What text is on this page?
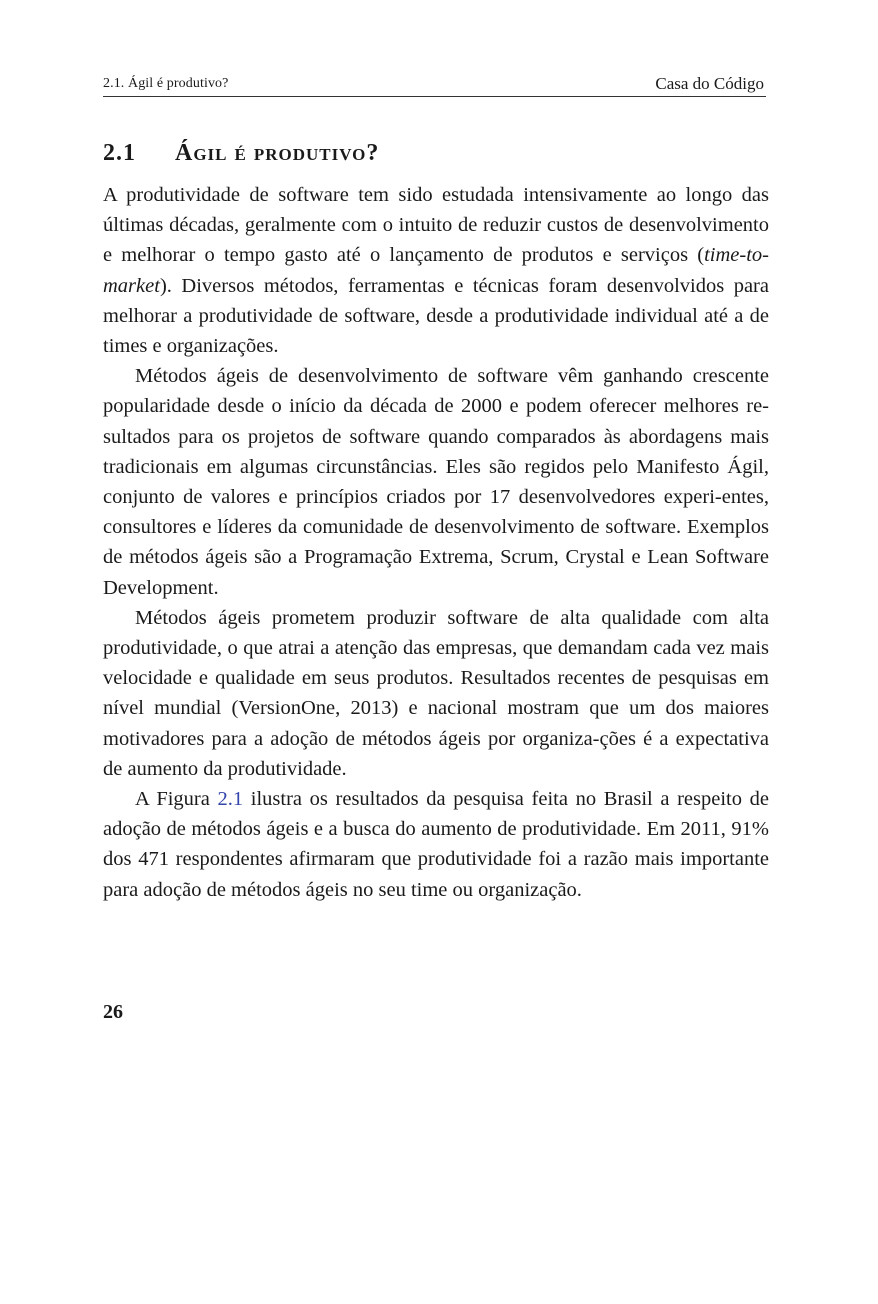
2.1. Ágil é produtivo?	Casa do Código
2.1 Ágil é produtivo?

A produtividade de software tem sido estudada intensivamente ao longo das últimas décadas, geralmente com o intuito de reduzir custos de desenvolvimento e melhorar o tempo gasto até o lançamento de produtos e serviços (time-to-market). Diversos métodos, ferramentas e técnicas foram desenvolvidos para melhorar a produtividade de software, desde a produtividade individual até a de times e organizações.

Métodos ágeis de desenvolvimento de software vêm ganhando crescente popularidade desde o início da década de 2000 e podem oferecer melhores resultados para os projetos de software quando comparados às abordagens mais tradicionais em algumas circunstâncias. Eles são regidos pelo Manifesto Ágil, conjunto de valores e princípios criados por 17 desenvolvedores experi-entes, consultores e líderes da comunidade de desenvolvimento de software. Exemplos de métodos ágeis são a Programação Extrema, Scrum, Crystal e Lean Software Development.

Métodos ágeis prometem produzir software de alta qualidade com alta produtividade, o que atrai a atenção das empresas, que demandam cada vez mais velocidade e qualidade em seus produtos. Resultados recentes de pesquisas em nível mundial (VersionOne, 2013) e nacional mostram que um dos maiores motivadores para a adoção de métodos ágeis por organiza-ções é a expectativa de aumento da produtividade.

A Figura 2.1 ilustra os resultados da pesquisa feita no Brasil a respeito de adoção de métodos ágeis e a busca do aumento de produtividade. Em 2011, 91% dos 471 respondentes afirmaram que produtividade foi a razão mais importante para adoção de métodos ágeis no seu time ou organização.

26
